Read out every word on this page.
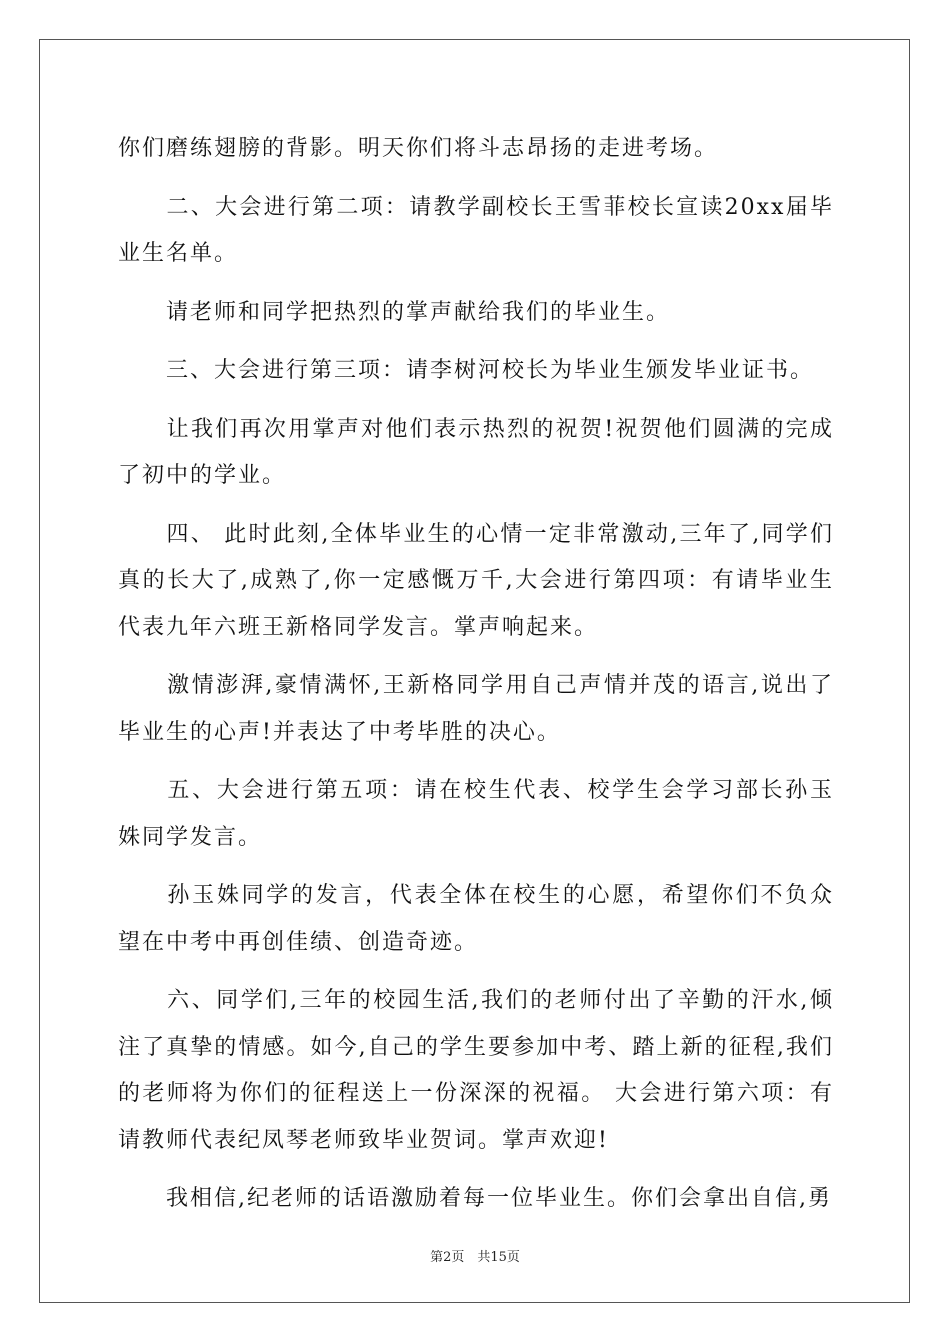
你们磨练翅膀的背影。明天你们将斗志昂扬的走进考场。

　　二、大会进行第二项：请教学副校长王雪菲校长宣读20xx届毕业生名单。

　　请老师和同学把热烈的掌声献给我们的毕业生。

　　三、大会进行第三项：请李树河校长为毕业生颁发毕业证书。

　　让我们再次用掌声对他们表示热烈的祝贺!祝贺他们圆满的完成了初中的学业。

　　四、 此时此刻,全体毕业生的心情一定非常激动,三年了,同学们真的长大了,成熟了,你一定感慨万千,大会进行第四项：有请毕业生代表九年六班王新格同学发言。掌声响起来。

　　激情澎湃,豪情满怀,王新格同学用自己声情并茂的语言,说出了毕业生的心声!并表达了中考毕胜的决心。

　　五、大会进行第五项：请在校生代表、校学生会学习部长孙玉姝同学发言。

　　孙玉姝同学的发言，代表全体在校生的心愿，希望你们不负众望在中考中再创佳绩、创造奇迹。

　　六、同学们,三年的校园生活,我们的老师付出了辛勤的汗水,倾注了真挚的情感。如今,自己的学生要参加中考、踏上新的征程,我们的老师将为你们的征程送上一份深深的祝福。 大会进行第六项：有请教师代表纪凤琴老师致毕业贺词。掌声欢迎!

　　我相信,纪老师的话语激励着每一位毕业生。你们会拿出自信,勇

第2页　共15页
